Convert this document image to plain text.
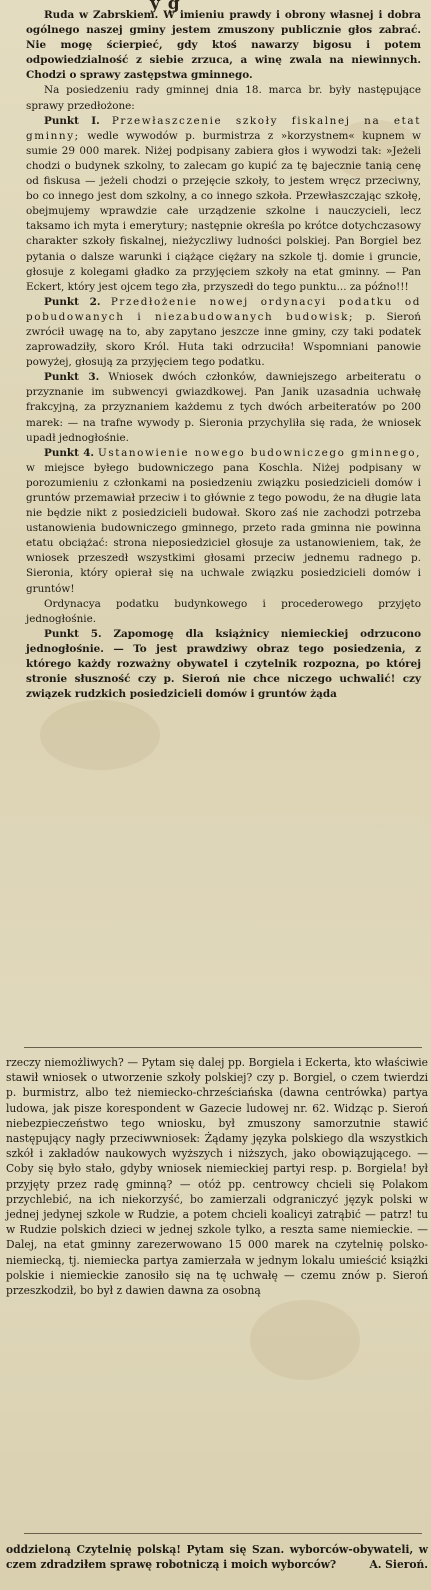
y g

Ruda w Zabrskiem. W imieniu prawdy i obrony własnej i dobra ogólnego naszej gminy jestem zmuszony publicznie głos zabrać. Nie mogę ścierpieć, gdy ktoś nawarzy bigosu i potem odpowiedzialność z siebie zrzuca, a winę zwala na niewinnych. Chodzi o sprawy zastępstwa gminnego.

Na posiedzeniu rady gminnej dnia 18. marca br. były następujące sprawy przedłożone:

Punkt I. Przewłaszczenie szkoły fiskalnej na etat gminny; wedle wywodów p. burmistrza z »korzystnem« kupnem w sumie 29 000 marek. Niżej podpisany zabiera głos i wywodzi tak: »Jeżeli chodzi o budynek szkolny, to zalecam go kupić za tę bajecznie tanią cenę od fiskusa — jeżeli chodzi o przejęcie szkoły, to jestem wręcz przeciwny, bo co innego jest dom szkolny, a co innego szkoła. Przewłaszczając szkołę, obejmujemy wprawdzie całe urządzenie szkolne i nauczycieli, lecz taksamo ich myta i emerytury; następnie określa po krótce dotychczasowy charakter szkoły fiskalnej, nieżyczliwy ludności polskiej. Pan Borgiel bez pytania o dalsze warunki i ciążące ciężary na szkole tj. domie i gruncie, głosuje z kolegami gładko za przyjęciem szkoły na etat gminny. — Pan Eckert, który jest ojcem tego zła, przyszedł do tego punktu... za późno!!!

Punkt 2. Przedłożenie nowej ordynacyi podatku od pobudowanych i niezabudowanych budowisk; p. Sieroń zwrócił uwagę na to, aby zapytano jeszcze inne gminy, czy taki podatek zaprowadziły, skoro Król. Huta taki odrzuciła! Wspomniani panowie powyżej, głosują za przyjęciem tego podatku.

Punkt 3. Wniosek dwóch członków, dawniejszego arbeiteratu o przyznanie im subwencyi gwiazdkowej. Pan Janik uzasadnia uchwałę frakcyjną, za przyznaniem każdemu z tych dwóch arbeiteratów po 200 marek: — na trafne wywody p. Sieronia przychyliła się rada, że wniosek upadł jednogłośnie.

Punkt 4. Ustanowienie nowego budowniczego gminnego, w miejsce byłego budowniczego pana Koschla. Niżej podpisany w porozumieniu z członkami na posiedzeniu związku posiedzicieli domów i gruntów przemawiał przeciw i to głównie z tego powodu, że na długie lata nie będzie nikt z posiedzicieli budował. Skoro zaś nie zachodzi potrzeba ustanowienia budowniczego gminnego, przeto rada gminna nie powinna etatu obciążać: strona nieposiedziciel głosuje za ustanowieniem, tak, że wniosek przeszedł wszystkimi głosami przeciw jednemu radnego p. Sieronia, który opierał się na uchwale związku posiedzicieli domów i gruntów!

Ordynacya podatku budynkowego i procederowego przyjęto jednogłośnie.

Punkt 5. Zapomogę dla książnicy niemieckiej odrzucono jednogłośnie. — To jest prawdziwy obraz tego posiedzenia, z którego każdy rozważny obywatel i czytelnik rozpozna, po której stronie słuszność czy p. Sieroń nie chce niczego uchwalić! czy związek rudzkich posiedzicieli domów i gruntów żąda

rzeczy niemożliwych? — Pytam się dalej pp. Borgiela i Eckerta, kto właściwie stawił wniosek o utworzenie szkoły polskiej? czy p. Borgiel, o czem twierdzi p. burmistrz, albo też niemiecko-chrześciańska (dawna centrówka) partya ludowa, jak pisze korespondent w Gazecie ludowej nr. 62. Widząc p. Sieroń niebezpieczeństwo tego wniosku, był zmuszony samorzutnie stawić następujący nagły przeciwwniosek: Żądamy języka polskiego dla wszystkich szkół i zakładów naukowych wyższych i niższych, jako obowiązującego. — Coby się było stało, gdyby wniosek niemieckiej partyi resp. p. Borgiela! był przyjęty przez radę gminną? — otóż pp. centrowcy chcieli się Polakom przychlebić, na ich niekorzyść, bo zamierzali odgraniczyć język polski w jednej jedynej szkole w Rudzie, a potem chcieli koalicyi zatrąbić — patrz! tu w Rudzie polskich dzieci w jednej szkole tylko, a reszta same niemieckie. — Dalej, na etat gminny zarezerwowano 15 000 marek na czytelnię polsko-niemiecką, tj. niemiecka partya zamierzała w jednym lokalu umieścić książki polskie i niemieckie zanosiło się na tę uchwałę — czemu znów p. Sieroń przeszkodził, bo był z dawien dawna za osobną

oddzieloną Czytelnię polską! Pytam się Szan. wyborców-obywateli, w czem zdradziłem sprawę robotniczą i moich wyborców?	A. Sieroń.
